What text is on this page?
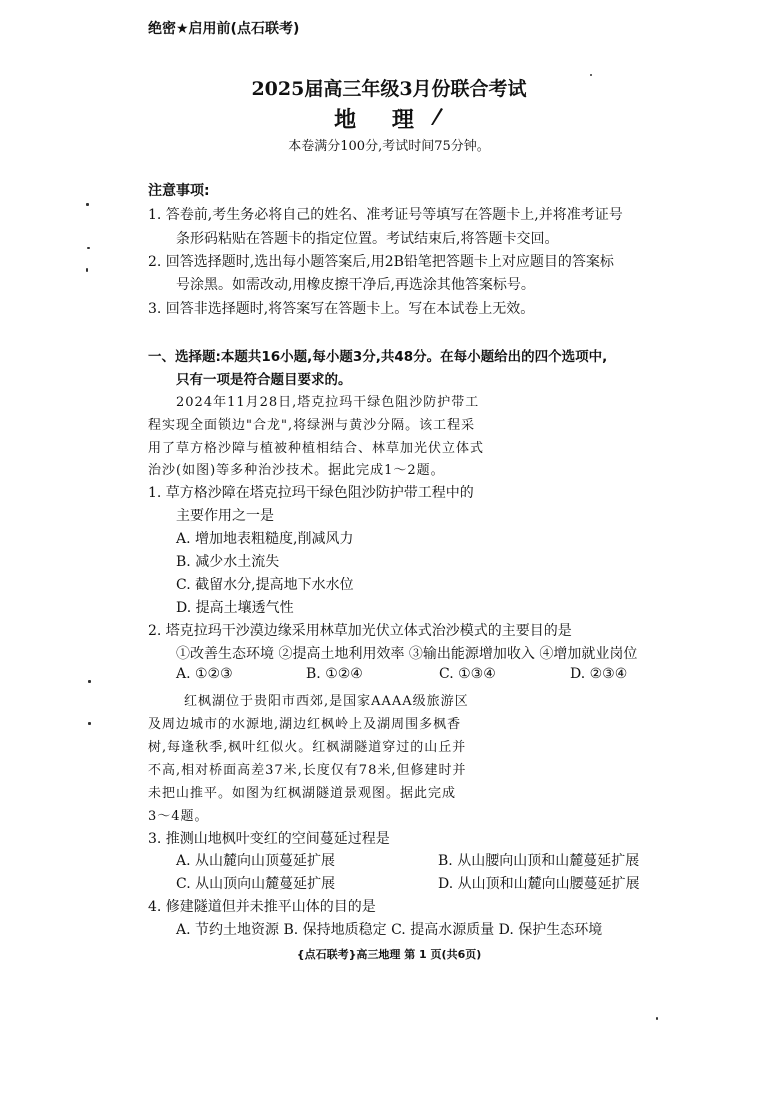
绝密★启用前(点石联考)
2025届高三年级3月份联合考试
地 理
本卷满分100分,考试时间75分钟。
注意事项:
1. 答卷前,考生务必将自己的姓名、准考证号等填写在答题卡上,并将准考证号
条形码粘贴在答题卡的指定位置。考试结束后,将答题卡交回。
2. 回答选择题时,选出每小题答案后,用2B铅笔把答题卡上对应题目的答案标
号涂黑。如需改动,用橡皮擦干净后,再选涂其他答案标号。
3. 回答非选择题时,将答案写在答题卡上。写在本试卷上无效。
一、选择题:本题共16小题,每小题3分,共48分。在每小题给出的四个选项中,
只有一项是符合题目要求的。
2024年11月28日,塔克拉玛干绿色阻沙防护带工
程实现全面锁边"合龙",将绿洲与黄沙分隔。该工程采
用了草方格沙障与植被种植相结合、林草加光伏立体式
治沙(如图)等多种治沙技术。据此完成1～2题。
1. 草方格沙障在塔克拉玛干绿色阻沙防护带工程中的
主要作用之一是
A. 增加地表粗糙度,削减风力
B. 减少水土流失
C. 截留水分,提高地下水水位
D. 提高土壤透气性
2. 塔克拉玛干沙漠边缘采用林草加光伏立体式治沙模式的主要目的是
①改善生态环境 ②提高土地利用效率 ③输出能源增加收入 ④增加就业岗位
A. ①②③	B. ①②④	C. ①③④	D. ②③④
红枫湖位于贵阳市西郊,是国家AAAA级旅游区
及周边城市的水源地,湖边红枫岭上及湖周围多枫香
树,每逢秋季,枫叶红似火。红枫湖隧道穿过的山丘并
不高,相对桥面高差37米,长度仅有78米,但修建时并
未把山推平。如图为红枫湖隧道景观图。据此完成
3～4题。
3. 推测山地枫叶变红的空间蔓延过程是
A. 从山麓向山顶蔓延扩展	B. 从山腰向山顶和山麓蔓延扩展
C. 从山顶向山麓蔓延扩展	D. 从山顶和山麓向山腰蔓延扩展
4. 修建隧道但并未推平山体的目的是
A. 节约土地资源 B. 保持地质稳定 C. 提高水源质量 D. 保护生态环境
{点石联考}高三地理 第 1 页(共6页)
